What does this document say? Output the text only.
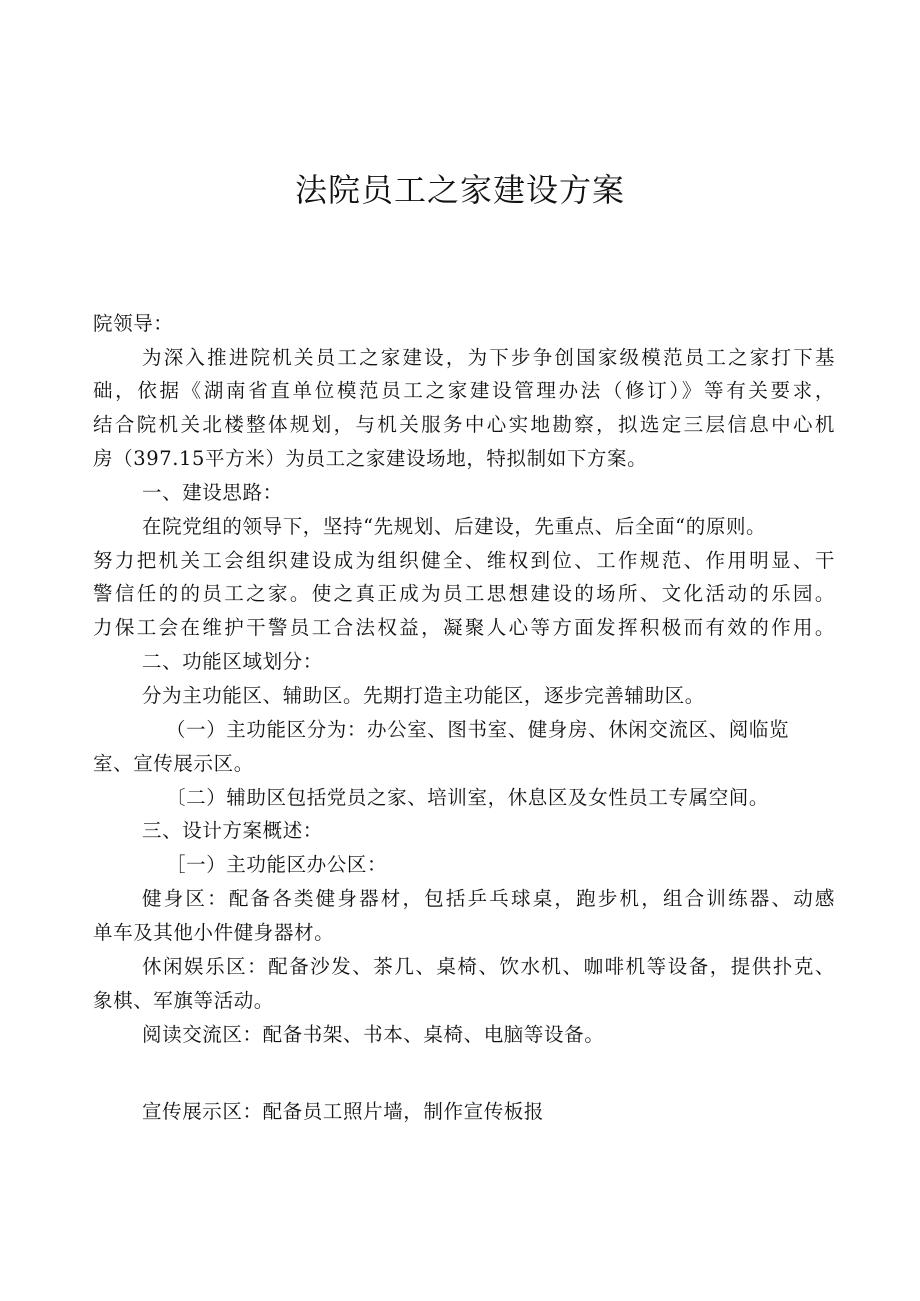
法院员工之家建设方案

院领导：

为深入推进院机关员工之家建设，为下步争创国家级模范员工之家打下基

础，依据《湖南省直单位模范员工之家建设管理办法（修订）》等有关要求，

结合院机关北楼整体规划，与机关服务中心实地勘察，拟选定三层信息中心机

房（397.15平方米）为员工之家建设场地，特拟制如下方案。

一、建设思路：

在院党组的领导下，坚持“先规划、后建设，先重点、后全面“的原则。

努力把机关工会组织建设成为组织健全、维权到位、工作规范、作用明显、干

警信任的的员工之家。使之真正成为员工思想建设的场所、文化活动的乐园。

力保工会在维护干警员工合法权益，凝聚人心等方面发挥积极而有效的作用。

二、功能区域划分：

分为主功能区、辅助区。先期打造主功能区，逐步完善辅助区。

（一）主功能区分为：办公室、图书室、健身房、休闲交流区、阅临览

室、宣传展示区。

〔二）辅助区包括党员之家、培训室，休息区及女性员工专属空间。

三、设计方案概述：

［一）主功能区办公区：

健身区：配备各类健身器材，包括乒乓球桌，跑步机，组合训练器、动感

单车及其他小件健身器材。

休闲娱乐区：配备沙发、茶几、桌椅、饮水机、咖啡机等设备，提供扑克、

象棋、军旗等活动。

阅读交流区：配备书架、书本、桌椅、电脑等设备。

宣传展示区：配备员工照片墙，制作宣传板报
